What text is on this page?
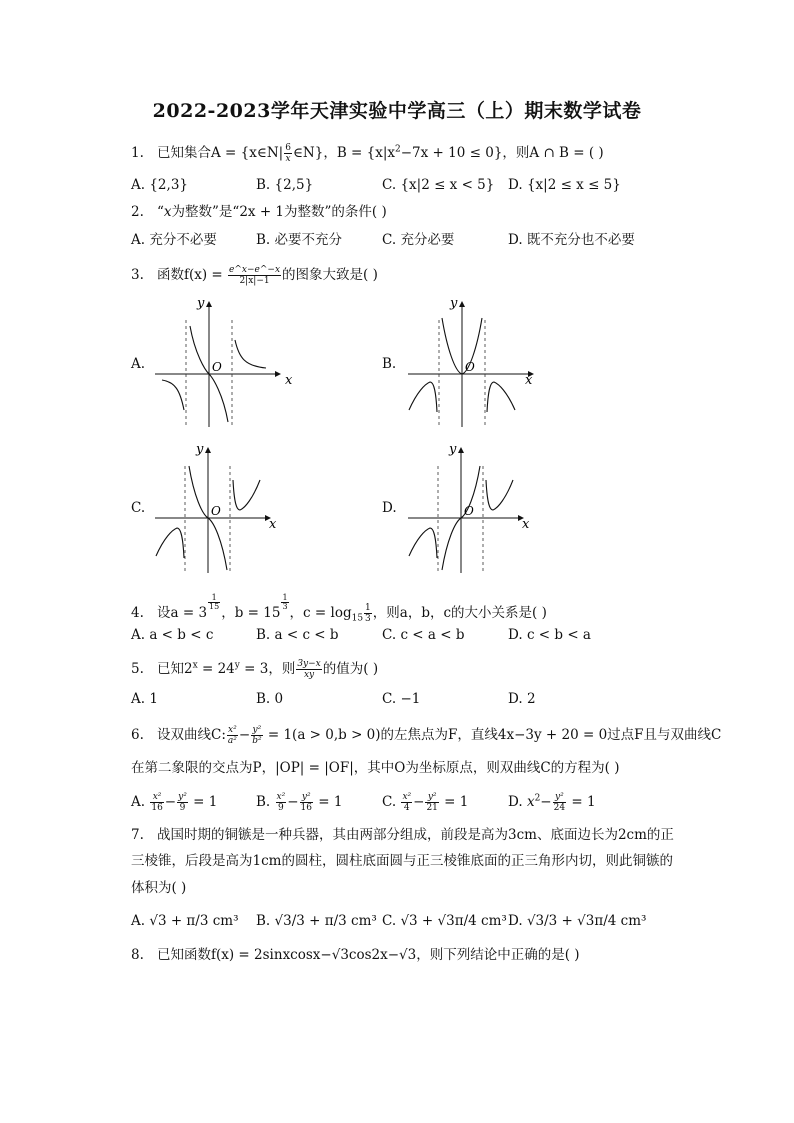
2022-2023学年天津实验中学高三（上）期末数学试卷
1. 已知集合A = {x∈N| $\frac{6}{x}$ ∈N}，$B = \{x|x^2-7x + 10 \le 0\}$，则A ∩ B = ( )
A. {2,3}	B. {2,5}	C. {x|2 ≤ x < 5} D. {x|2 ≤ x ≤ 5}
2. “x为整数”是“2x + 1为整数”的条件( )
A. 充分不必要	B. 必要不充分	C. 充分必要	D. 既不充分也不必要
3. 函数$f(x) = \frac{e\^{}x-e\^{}-x}{2|x|-1}$ 的图象大致是( )
A.	B.
C.	D.
x
y
O
x
y
O
x
y
O
x
y
O
4. 设a = 3
$^{\frac{1}{15}}$
，b = 15
$^{\frac{1}{3}}$
，$c = \log_{15} \frac{1}{3}$ ，则a，b，c的大小关系是( )
A. a < b < c	B. a < c < b	C. c < a < b	D. c < b < a
5. 已知$2^x = 24^y = 3$，则 $\frac{3y-x}{xy}$ 的值为( )
A. 1	B. 0	C. −1	D. 2
6. 设双曲线C: $\frac{\text{x²}}{\text{a²}} - \frac{\text{y²}}{\text{b²}} = 1(a > 0,b > 0)$的左焦点为F，直线4x−3y + 20 = 0过点F且与双曲线C
在第二象限的交点为P，|OP| = |OF|，其中O为坐标原点，则双曲线C的方程为( )
A. $\frac{\text{x²}}{16} - \frac{\text{y²}}{9} = 1$	B. $\frac{\text{x²}}{9} - \frac{\text{y²}}{16} = 1$	C. $\frac{\text{x²}}{4} - \frac{\text{y²}}{21} = 1$	D. $x^2- \frac{\text{y²}}{24} = 1$
7. 战国时期的铜镞是一种兵器，其由两部分组成，前段是高为3cm、底面边长为2cm的正
三棱锥，后段是高为1cm的圆柱，圆柱底面圆与正三棱锥底面的正三角形内切，则此铜镞的
体积为( )
A. √3 + π/3 cm³ B. √3/3 + π/3 cm³ C. √3 + √3π/4 cm³ D. √3/3 + √3π/4 cm³
8. 已知函数f(x) = 2sinxcosx−√3cos2x−√3，则下列结论中正确的是( )
